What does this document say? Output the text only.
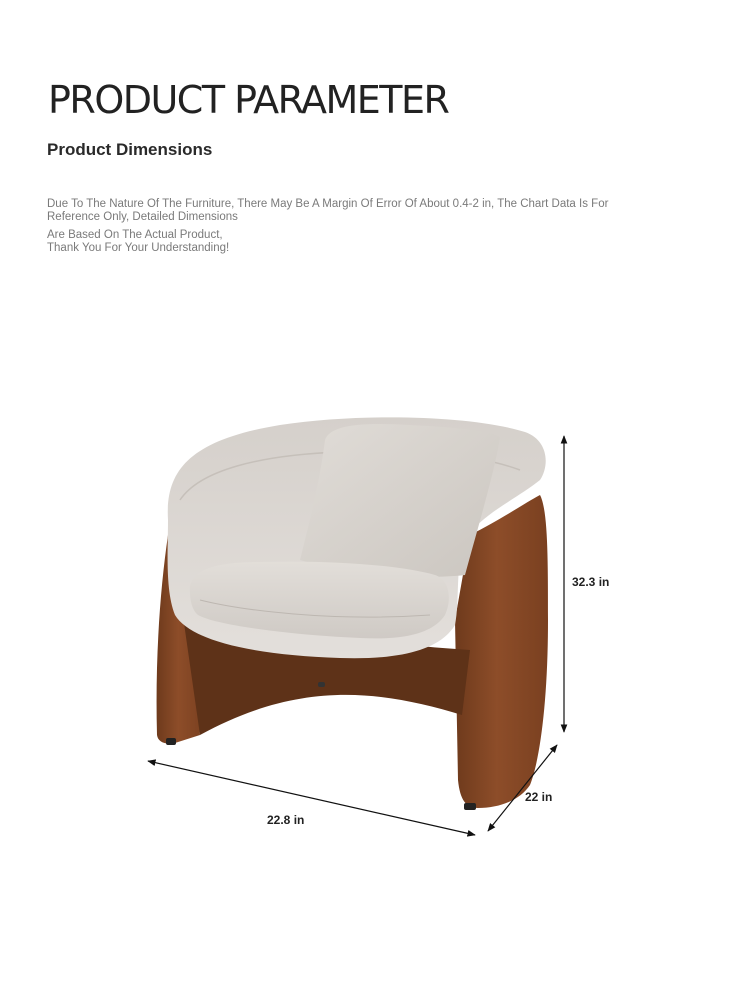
PRODUCT PARAMETER
Product Dimensions
Due To The Nature Of The Furniture, There May Be A Margin Of Error Of About 0.4-2 in, The Chart Data Is For
Reference Only, Detailed Dimensions
Are Based On The Actual Product,
Thank You For Your Understanding!
32.3 in
22.8 in
22 in
